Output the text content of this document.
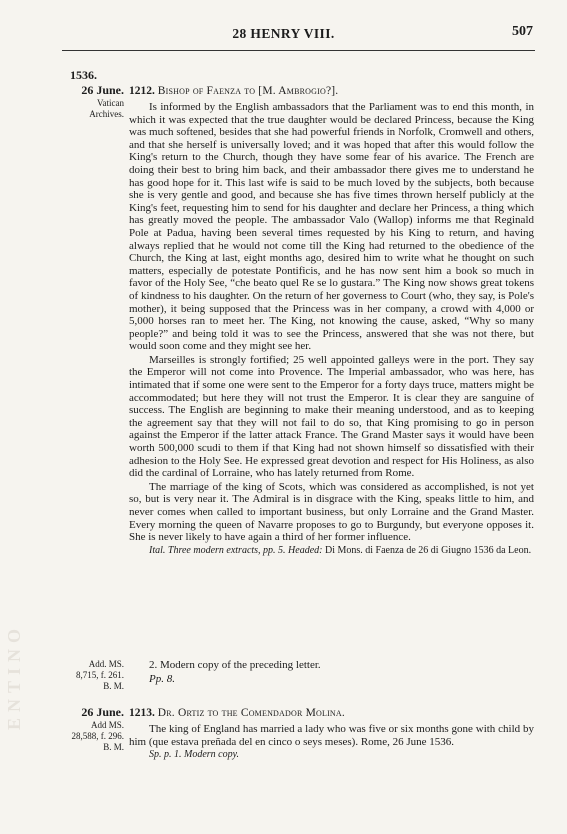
ENTINO
28 HENRY VIII.	507
1536.
26 June.
Vatican
Archives.
1212. Bishop of Faenza to [M. Ambrogio?].

Is informed by the English ambassadors that the Parliament was to end this month, in which it was expected that the true daughter would be declared Princess, because the King was much softened, besides that she had powerful friends in Norfolk, Cromwell and others, and that she herself is universally loved; and it was hoped that after this would follow the King's return to the Church, though they have some fear of his avarice. The French are doing their best to bring him back, and their ambassador there gives me to understand he has good hope for it. This last wife is said to be much loved by the subjects, both because she is very gentle and good, and because she has five times thrown herself publicly at the King's feet, requesting him to send for his daughter and declare her Princess, a thing which has greatly moved the people. The ambassador Valo (Wallop) informs me that Reginald Pole at Padua, having been several times requested by his King to return, and having always replied that he would not come till the King had returned to the obedience of the Church, the King at last, eight months ago, desired him to write what he thought on such matters, especially de potestate Pontificis, and he has now sent him a book so much in favor of the Holy See, “che beato quel Re se lo gustara.” The King now shows great tokens of kindness to his daughter. On the return of her governess to Court (who, they say, is Pole's mother), it being supposed that the Princess was in her company, a crowd with 4,000 or 5,000 horses ran to meet her. The King, not knowing the cause, asked, “Why so many people?” and being told it was to see the Princess, answered that she was not there, but would soon come and they might see her.

Marseilles is strongly fortified; 25 well appointed galleys were in the port. They say the Emperor will not come into Provence. The Imperial ambassador, who was here, has intimated that if some one were sent to the Emperor for a forty days truce, matters might be accommodated; but here they will not trust the Emperor. It is clear they are sanguine of success. The English are beginning to make their meaning understood, and as to keeping the agreement say that they will not fail to do so, that King promising to go in person against the Emperor if the latter attack France. The Grand Master says it would have been worth 500,000 scudi to them if that King had not shown himself so dissatisfied with their adhesion to the Holy See. He expressed great devotion and respect for His Holiness, as also did the cardinal of Lorraine, who has lately returned from Rome.

The marriage of the king of Scots, which was considered as accomplished, is not yet so, but is very near it. The Admiral is in disgrace with the King, speaks little to him, and never comes when called to important business, but only Lorraine and the Grand Master. Every morning the queen of Navarre proposes to go to Burgundy, but everyone opposes it. She is never likely to have again a third of her former influence.

Ital. Three modern extracts, pp. 5. Headed: Di Mons. di Faenza de 26 di Giugno 1536 da Leon.

Add. MS.
8,715, f. 261.
B. M.

2. Modern copy of the preceding letter.

Pp. 8.

26 June.
Add MS.
28,588, f. 296.
B. M.
1213. Dr. Ortiz to the Comendador Molina.

The king of England has married a lady who was five or six months gone with child by him (que estava preñada del en cinco o seys meses). Rome, 26 June 1536.

Sp. p. 1. Modern copy.
